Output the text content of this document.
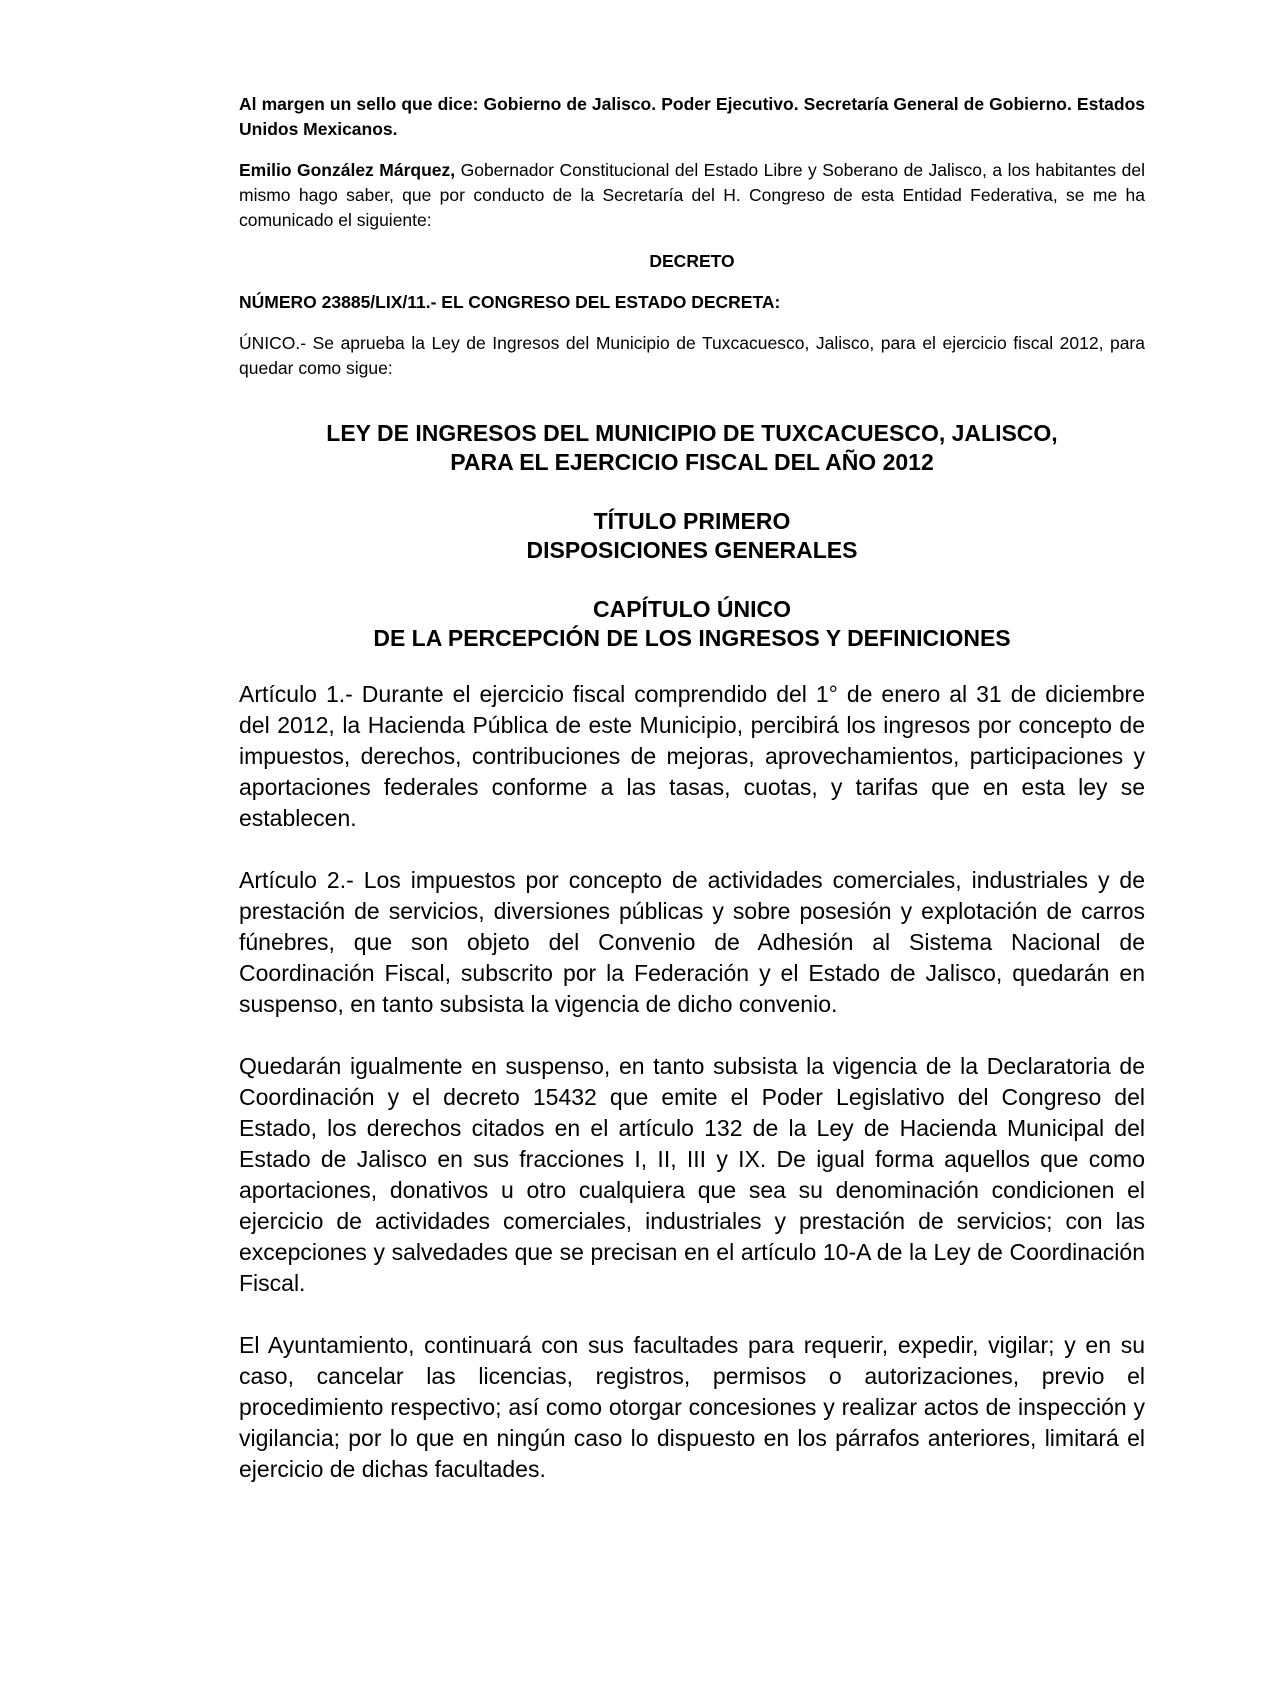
Al margen un sello que dice: Gobierno de Jalisco. Poder Ejecutivo. Secretaría General de Gobierno. Estados Unidos Mexicanos.

Emilio González Márquez, Gobernador Constitucional del Estado Libre y Soberano de Jalisco, a los habitantes del mismo hago saber, que por conducto de la Secretaría del H. Congreso de esta Entidad Federativa, se me ha comunicado el siguiente:

DECRETO

NÚMERO 23885/LIX/11.- EL CONGRESO DEL ESTADO DECRETA:

ÚNICO.- Se aprueba la Ley de Ingresos del Municipio de Tuxcacuesco, Jalisco, para el ejercicio fiscal 2012, para quedar como sigue:

LEY DE INGRESOS DEL MUNICIPIO DE TUXCACUESCO, JALISCO,

PARA EL EJERCICIO FISCAL DEL AÑO 2012

TÍTULO PRIMERO

DISPOSICIONES GENERALES

CAPÍTULO ÚNICO

DE LA PERCEPCIÓN DE LOS INGRESOS Y DEFINICIONES

Artículo 1.- Durante el ejercicio fiscal comprendido del 1° de enero al 31 de diciembre del 2012, la Hacienda Pública de este Municipio, percibirá los ingresos por concepto de impuestos, derechos, contribuciones de mejoras, aprovechamientos, participaciones y aportaciones federales conforme a las tasas, cuotas, y tarifas que en esta ley se establecen.

Artículo 2.- Los impuestos por concepto de actividades comerciales, industriales y de prestación de servicios, diversiones públicas y sobre posesión y explotación de carros fúnebres, que son objeto del Convenio de Adhesión al Sistema Nacional de Coordinación Fiscal, subscrito por la Federación y el Estado de Jalisco, quedarán en suspenso, en tanto subsista la vigencia de dicho convenio.

Quedarán igualmente en suspenso, en tanto subsista la vigencia de la Declaratoria de Coordinación y el decreto 15432 que emite el Poder Legislativo del Congreso del Estado, los derechos citados en el artículo 132 de la Ley de Hacienda Municipal del Estado de Jalisco en sus fracciones I, II, III y IX. De igual forma aquellos que como aportaciones, donativos u otro cualquiera que sea su denominación condicionen el ejercicio de actividades comerciales, industriales y prestación de servicios; con las excepciones y salvedades que se precisan en el artículo 10-A de la Ley de Coordinación Fiscal.

El Ayuntamiento, continuará con sus facultades para requerir, expedir, vigilar; y en su caso, cancelar las licencias, registros, permisos o autorizaciones, previo el procedimiento respectivo; así como otorgar concesiones y realizar actos de inspección y vigilancia; por lo que en ningún caso lo dispuesto en los párrafos anteriores, limitará el ejercicio de dichas facultades.
